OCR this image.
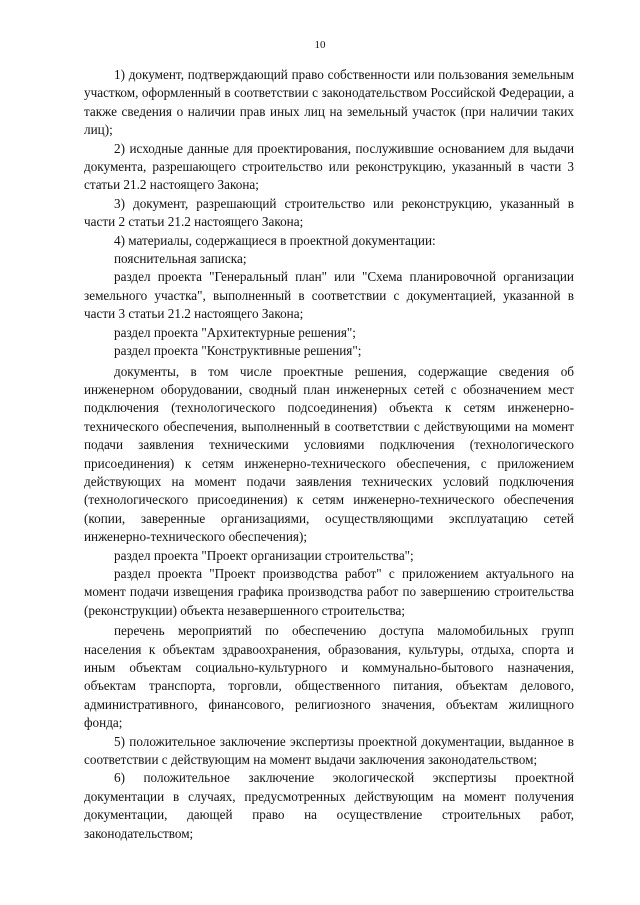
10

1) документ, подтверждающий право собственности или пользования земельным участком, оформленный в соответствии с законодательством Российской Федерации, а также сведения о наличии прав иных лиц на земельный участок (при наличии таких лиц);

2) исходные данные для проектирования, послужившие основанием для выдачи документа, разрешающего строительство или реконструкцию, указанный в части 3 статьи 21.2 настоящего Закона;

3) документ, разрешающий строительство или реконструкцию, указанный в части 2 статьи 21.2 настоящего Закона;

4) материалы, содержащиеся в проектной документации:

пояснительная записка;

раздел проекта "Генеральный план" или "Схема планировочной организации земельного участка", выполненный в соответствии с документацией, указанной в части 3 статьи 21.2 настоящего Закона;

раздел проекта "Архитектурные решения";

раздел проекта "Конструктивные решения";

документы, в том числе проектные решения, содержащие сведения об инженерном оборудовании, сводный план инженерных сетей с обозначением мест подключения (технологического подсоединения) объекта к сетям инженерно-технического обеспечения, выполненный в соответствии с действующими на момент подачи заявления техническими условиями подключения (технологического присоединения) к сетям инженерно-технического обеспечения, с приложением действующих на момент подачи заявления технических условий подключения (технологического присоединения) к сетям инженерно-технического обеспечения (копии, заверенные организациями, осуществляющими эксплуатацию сетей инженерно-технического обеспечения);

раздел проекта "Проект организации строительства";

раздел проекта "Проект производства работ" с приложением актуального на момент подачи извещения графика производства работ по завершению строительства (реконструкции) объекта незавершенного строительства;

перечень мероприятий по обеспечению доступа маломобильных групп населения к объектам здравоохранения, образования, культуры, отдыха, спорта и иным объектам социально-культурного и коммунально-бытового назначения, объектам транспорта, торговли, общественного питания, объектам делового, административного, финансового, религиозного значения, объектам жилищного фонда;

5) положительное заключение экспертизы проектной документации, выданное в соответствии с действующим на момент выдачи заключения законодательством;

6) положительное заключение экологической экспертизы проектной документации в случаях, предусмотренных действующим на момент получения документации, дающей право на осуществление строительных работ, законодательством;
